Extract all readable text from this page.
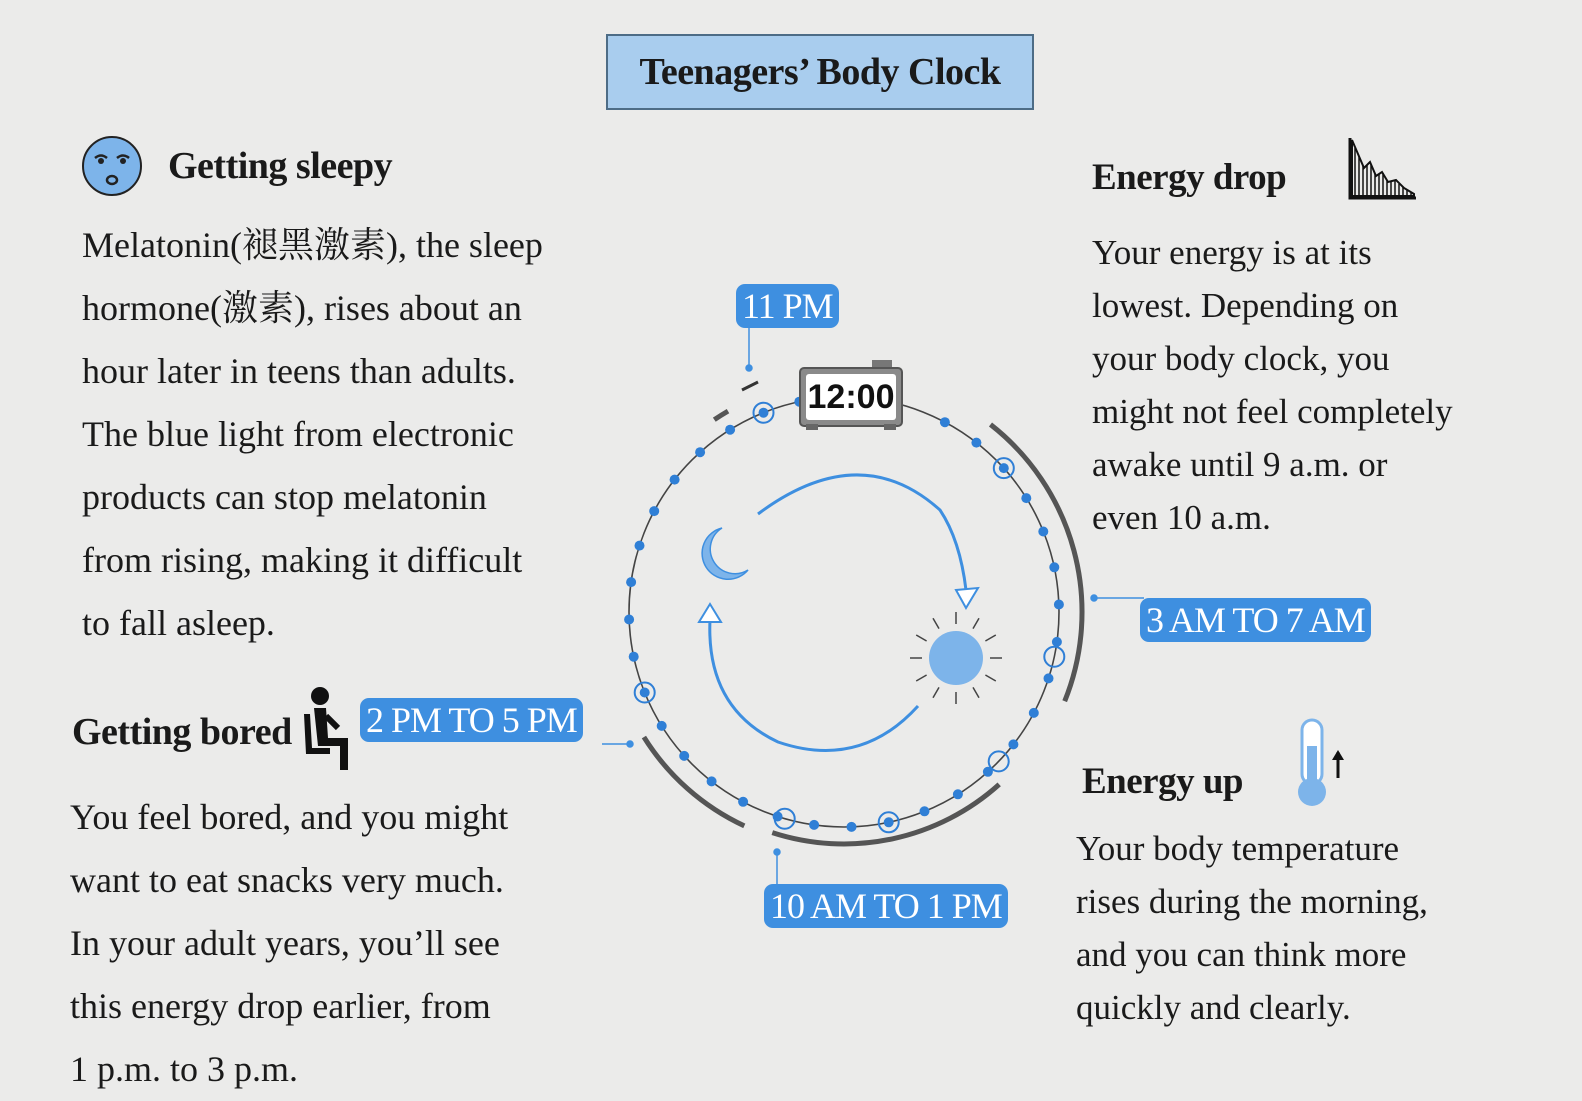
Teenagers’ Body Clock
Getting sleepy
Melatonin(褪黑激素), the sleep
hormone(激素), rises about an
hour later in teens than adults.
The blue light from electronic
products can stop melatonin
from rising, making it difficult
to fall asleep.
Getting bored
You feel bored, and you might
want to eat snacks very much.
In your adult years, you’ll see
this energy drop earlier, from
1 p.m. to 3 p.m.
Energy drop
Your energy is at its
lowest. Depending on
your body clock, you
might not feel completely
awake until 9 a.m. or
even 10 a.m.
Energy up
Your body temperature
rises during the morning,
and you can think more
quickly and clearly.
12:00
11 PM
3 AM TO 7 AM
10 AM TO 1 PM
2 PM TO 5 PM
